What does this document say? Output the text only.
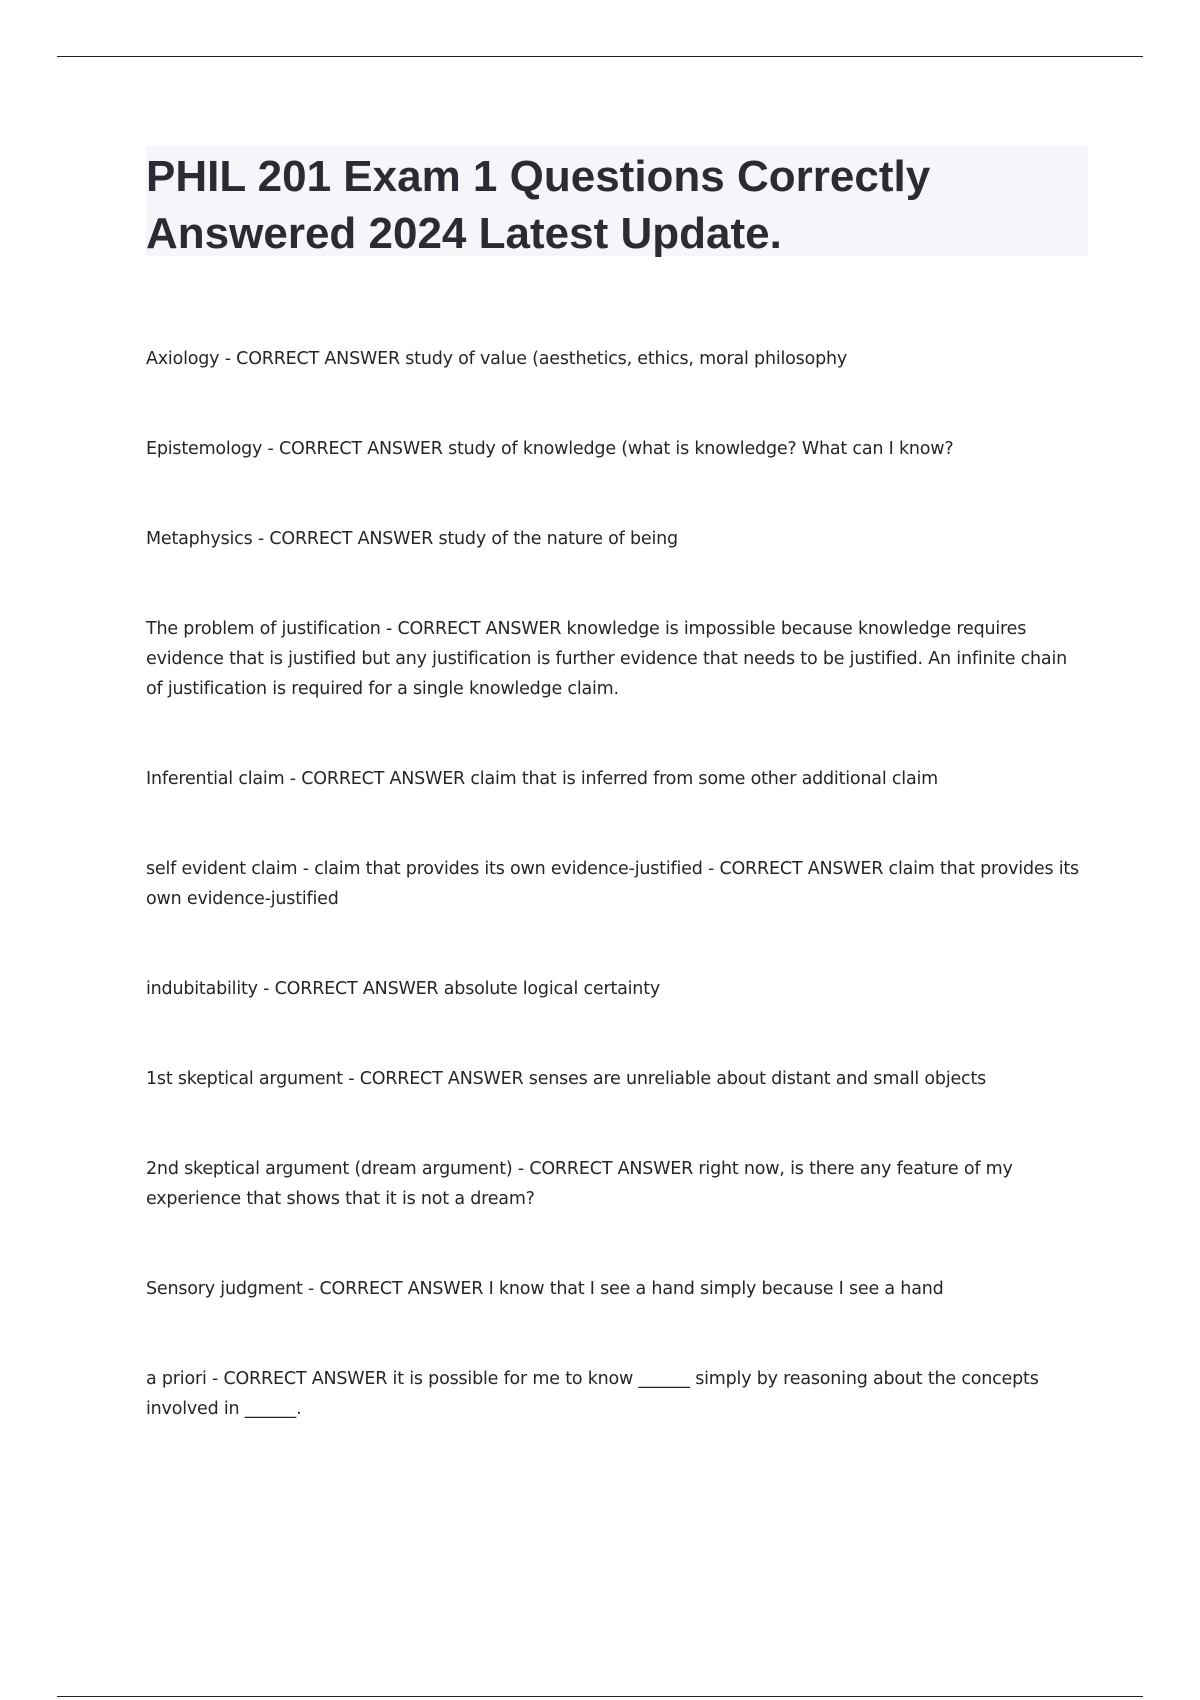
PHIL 201 Exam 1 Questions Correctly Answered 2024 Latest Update.
Axiology - CORRECT ANSWER study of value (aesthetics, ethics, moral philosophy
Epistemology - CORRECT ANSWER study of knowledge (what is knowledge? What can I know?
Metaphysics - CORRECT ANSWER study of the nature of being
The problem of justification - CORRECT ANSWER knowledge is impossible because knowledge requires evidence that is justified but any justification is further evidence that needs to be justified. An infinite chain of justification is required for a single knowledge claim.
Inferential claim - CORRECT ANSWER claim that is inferred from some other additional claim
self evident claim - claim that provides its own evidence-justified - CORRECT ANSWER claim that provides its own evidence-justified
indubitability - CORRECT ANSWER absolute logical certainty
1st skeptical argument - CORRECT ANSWER senses are unreliable about distant and small objects
2nd skeptical argument (dream argument) - CORRECT ANSWER right now, is there any feature of my experience that shows that it is not a dream?
Sensory judgment - CORRECT ANSWER I know that I see a hand simply because I see a hand
a priori - CORRECT ANSWER it is possible for me to know ______ simply by reasoning about the concepts involved in ______.
